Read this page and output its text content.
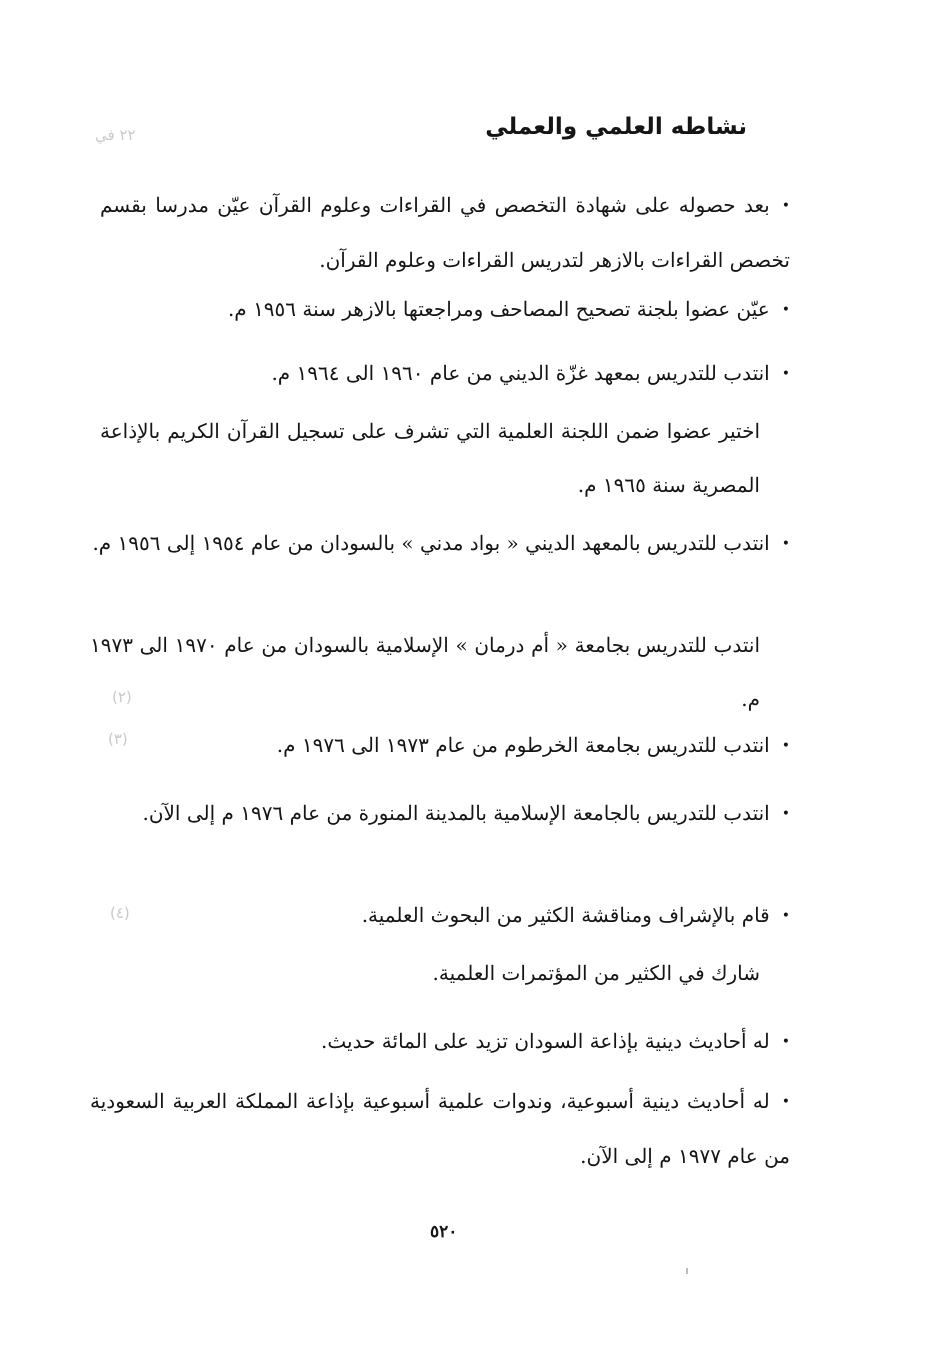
نشاطه العلمي والعملي
٢٢ في
•بعد حصوله على شهادة التخصص في القراءات وعلوم القرآن عيّن مدرسا بقسم تخصص القراءات بالازهر لتدريس القراءات وعلوم القرآن.
•عيّن عضوا بلجنة تصحيح المصاحف ومراجعتها بالازهر سنة ١٩٥٦ م.
•انتدب للتدريس بمعهد غزّة الديني من عام ١٩٦٠ الى ١٩٦٤ م.
اختير عضوا ضمن اللجنة العلمية التي تشرف على تسجيل القرآن الكريم بالإذاعة المصرية سنة ١٩٦٥ م.
•انتدب للتدريس بالمعهد الديني « بواد مدني » بالسودان من عام ١٩٥٤ إلى ١٩٥٦ م.
انتدب للتدريس بجامعة « أم درمان » الإسلامية بالسودان من عام ١٩٧٠ الى ١٩٧٣ م.
•انتدب للتدريس بجامعة الخرطوم من عام ١٩٧٣ الى ١٩٧٦ م.
•انتدب للتدريس بالجامعة الإسلامية بالمدينة المنورة من عام ١٩٧٦ م إلى الآن.
•قام بالإشراف ومناقشة الكثير من البحوث العلمية.
شارك في الكثير من المؤتمرات العلمية.
•له أحاديث دينية بإذاعة السودان تزيد على المائة حديث.
•له أحاديث دينية أسبوعية، وندوات علمية أسبوعية بإذاعة المملكة العربية السعودية من عام ١٩٧٧ م إلى الآن.
(٢)
(٣)
(٤)
٥٢٠
